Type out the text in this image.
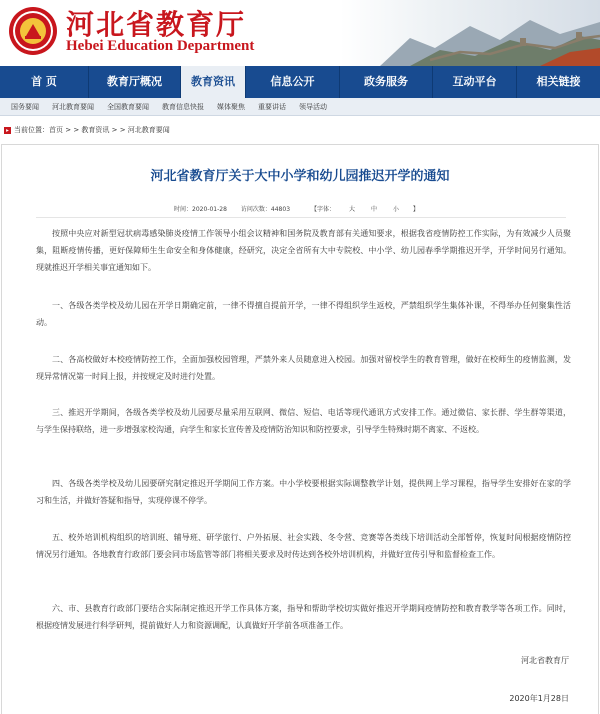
河北省教育厅
Hebei Education Department
首 页	教育厅概况	教育资讯	信息公开	政务服务	互动平台	相关链接
国务要闻 河北教育要闻 全国教育要闻 教育信息快报 媒体聚焦 重要讲话 领导活动
当前位置：首页 > > 教育资讯 > > 河北教育要闻
河北省教育厅关于大中小学和幼儿园推迟开学的通知
时间：2020-01-28 访问次数：44803	【字体： 大	中	小 】

按照中央应对新型冠状病毒感染肺炎疫情工作领导小组会议精神和国务院及教育部有关通知要求，根据我省疫情防控工作实际，为有效减少人员聚集，阻断疫情传播，更好保障师生生命安全和身体健康，经研究，决定全省所有大中专院校、中小学、幼儿园春季学期推迟开学，开学时间另行通知。现就推迟开学相关事宜通知如下。

一、各级各类学校及幼儿园在开学日期确定前，一律不得擅自提前开学，一律不得组织学生返校，严禁组织学生集体补课，不得举办任何聚集性活动。

二、各高校做好本校疫情防控工作，全面加强校园管理，严禁外来人员随意进入校园。加强对留校学生的教育管理，做好在校师生的疫情监测，发现异常情况第一时间上报，并按规定及时进行处置。

三、推迟开学期间，各级各类学校及幼儿园要尽量采用互联网、微信、短信、电话等现代通讯方式安排工作。通过微信、家长群、学生群等渠道，与学生保持联络，进一步增强家校沟通，向学生和家长宣传普及疫情防治知识和防控要求，引导学生特殊时期不离家、不返校。

四、各级各类学校及幼儿园要研究制定推迟开学期间工作方案。中小学校要根据实际调整教学计划，提供网上学习课程，指导学生安排好在家的学习和生活，并做好答疑和指导，实现停课不停学。

五、校外培训机构组织的培训班、辅导班、研学旅行、户外拓展、社会实践、冬令营、竞赛等各类线下培训活动全部暂停，恢复时间根据疫情防控情况另行通知。各地教育行政部门要会同市场监管等部门将相关要求及时传达到各校外培训机构，并做好宣传引导和监督检查工作。

六、市、县教育行政部门要结合实际制定推迟开学工作具体方案，指导和帮助学校切实做好推迟开学期间疫情防控和教育教学等各项工作。同时，根据疫情发展进行科学研判，提前做好人力和资源调配，认真做好开学前各项准备工作。

河北省教育厅
2020年1月28日
